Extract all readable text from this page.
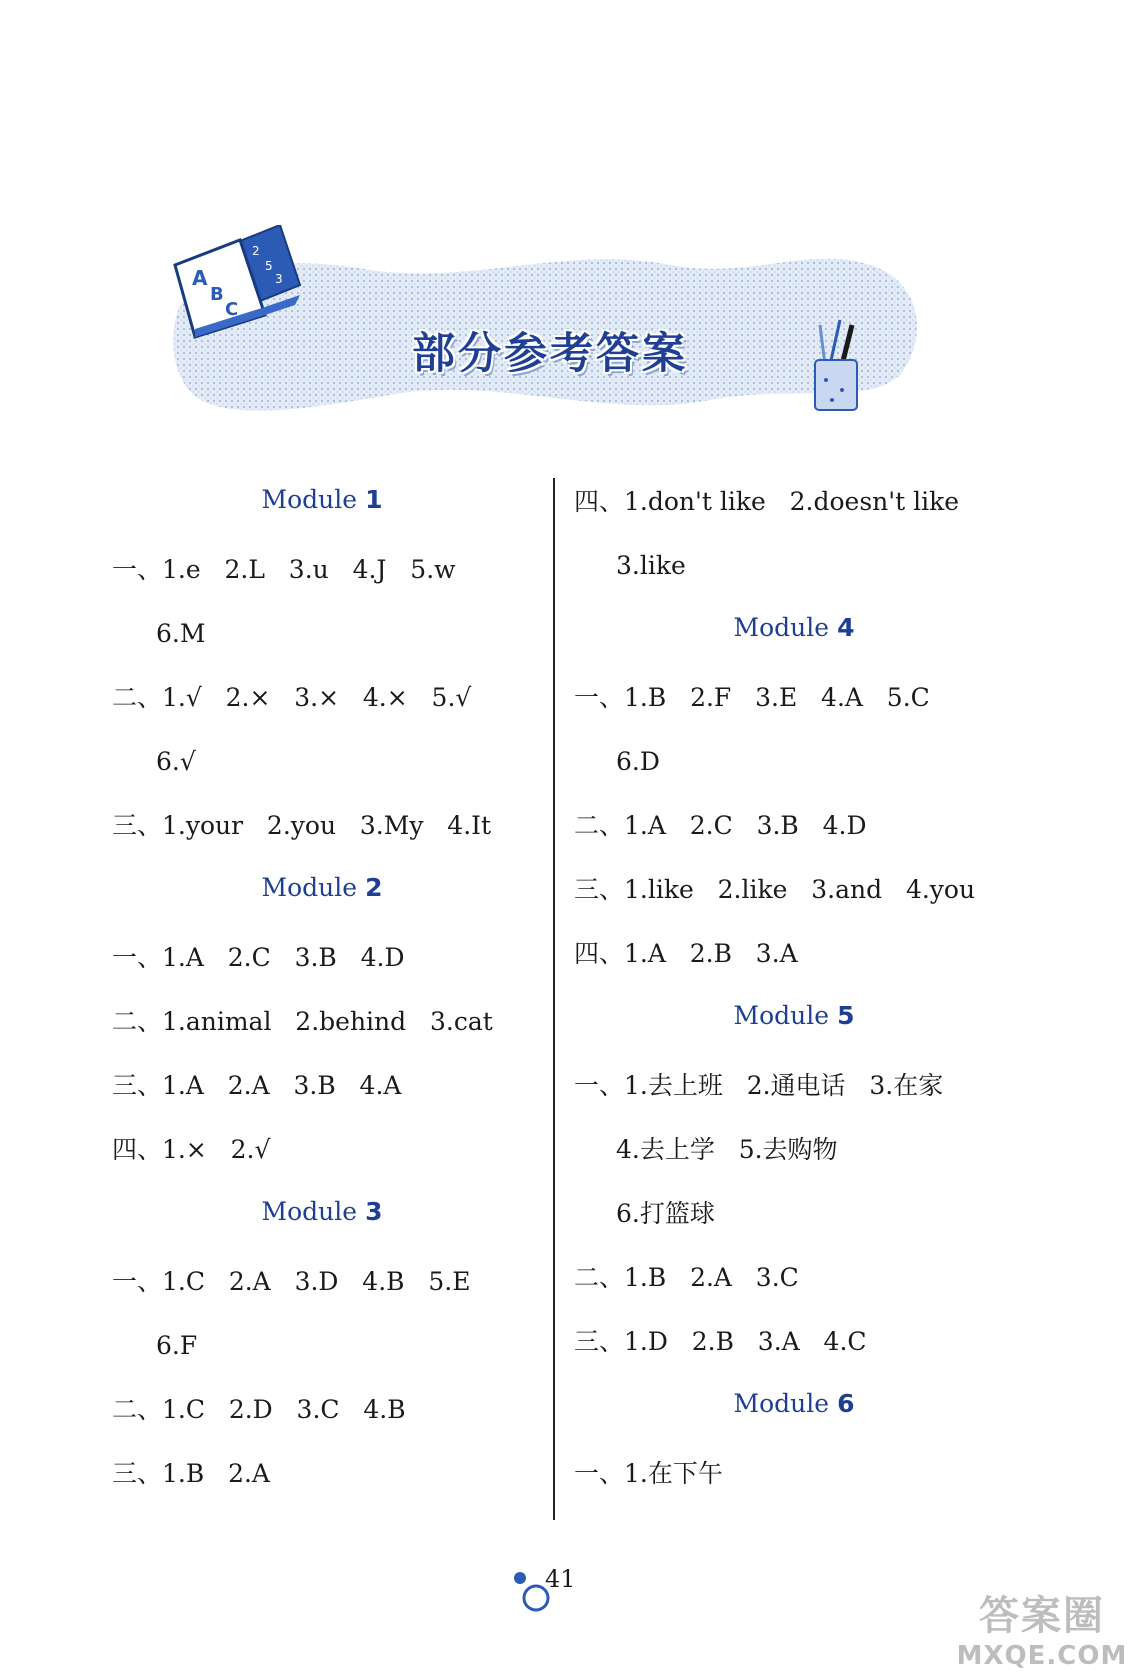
A
B
C
2
5
3
部分参考答案
Module 1
一、1.e   2.L   3.u   4.J   5.w
6.M
二、1.√   2.×   3.×   4.×   5.√
6.√
三、1.your   2.you   3.My   4.It
Module 2
一、1.A   2.C   3.B   4.D
二、1.animal   2.behind   3.cat
三、1.A   2.A   3.B   4.A
四、1.×   2.√
Module 3
一、1.C   2.A   3.D   4.B   5.E
6.F
二、1.C   2.D   3.C   4.B
三、1.B   2.A
四、1.don't like   2.doesn't like
3.like
Module 4
一、1.B   2.F   3.E   4.A   5.C
6.D
二、1.A   2.C   3.B   4.D
三、1.like   2.like   3.and   4.you
四、1.A   2.B   3.A
Module 5
一、1.去上班   2.通电话   3.在家
4.去上学   5.去购物
6.打篮球
二、1.B   2.A   3.C
三、1.D   2.B   3.A   4.C
Module 6
一、1.在下午
41
答案圈
MXQE.COM
